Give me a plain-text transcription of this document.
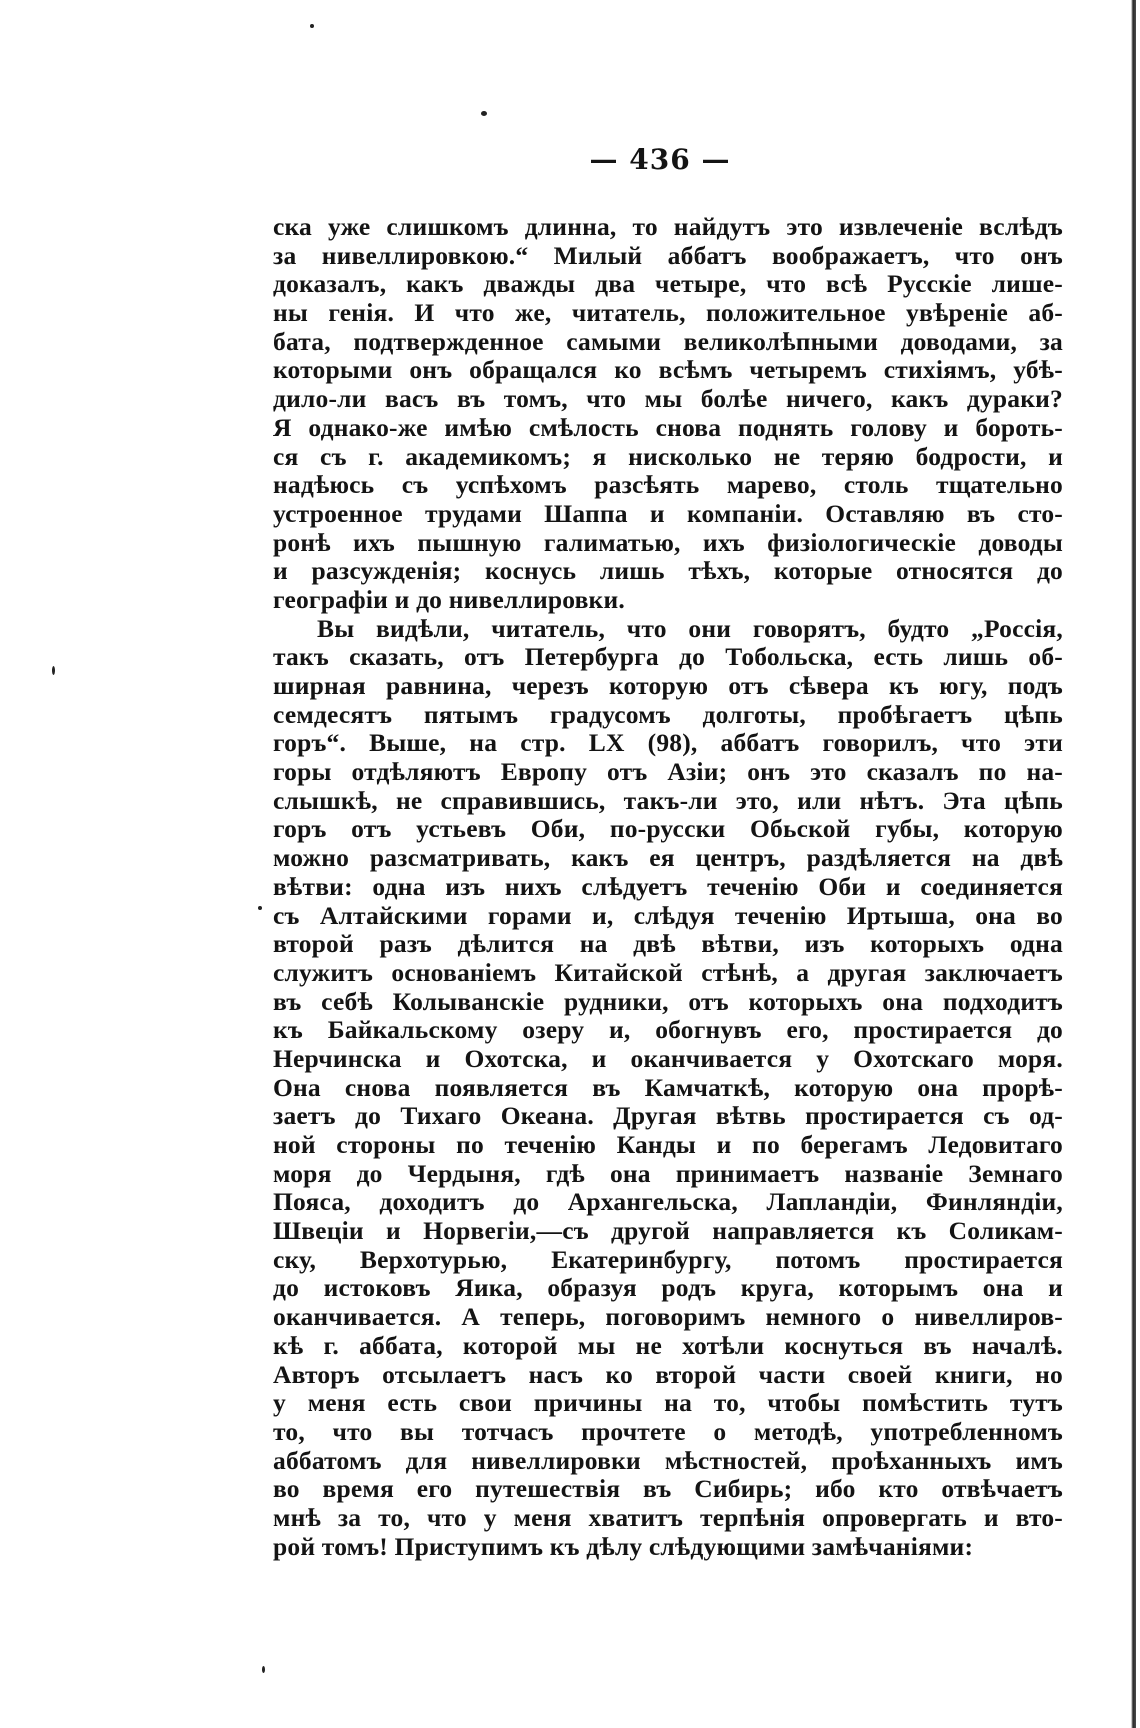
— 436 —
ска уже слишкомъ длинна, то найдутъ это извлеченіе вслѣдъ
за нивеллировкою.“ Милый аббатъ воображаетъ, что онъ
доказалъ, какъ дважды два четыре, что всѣ Русскіе лише-
ны генія. И что же, читатель, положительное увѣреніе аб-
бата, подтвержденное самыми великолѣпными доводами, за
которыми онъ обращался ко всѣмъ четыремъ стихіямъ, убѣ-
дило-ли васъ въ томъ, что мы болѣе ничего, какъ дураки?
Я однако-же имѣю смѣлость снова поднять голову и бороть-
ся съ г. академикомъ; я нисколько не теряю бодрости, и
надѣюсь съ успѣхомъ разсѣять марево, столь тщательно
устроенное трудами Шаппа и компаніи. Оставляю въ сто-
ронѣ ихъ пышную галиматью, ихъ физіологическіе доводы
и разсужденія; коснусь лишь тѣхъ, которые относятся до
географіи и до нивеллировки.
Вы видѣли, читатель, что они говорятъ, будто „Россія,
такъ сказать, отъ Петербурга до Тобольска, есть лишь об-
ширная равнина, черезъ которую отъ сѣвера къ югу, подъ
семдесятъ пятымъ градусомъ долготы, пробѣгаетъ цѣпь
горъ“. Выше, на стр. LX (98), аббатъ говорилъ, что эти
горы отдѣляютъ Европу отъ Азіи; онъ это сказалъ по на-
слышкѣ, не справившись, такъ-ли это, или нѣтъ. Эта цѣпь
горъ отъ устьевъ Оби, по-русски Обьской губы, которую
можно разсматривать, какъ ея центръ, раздѣляется на двѣ
вѣтви: одна изъ нихъ слѣдуетъ теченію Оби и соединяется
съ Алтайскими горами и, слѣдуя теченію Иртыша, она во
второй разъ дѣлится на двѣ вѣтви, изъ которыхъ одна
служитъ основаніемъ Китайской стѣнѣ, а другая заключаетъ
въ себѣ Колыванскіе рудники, отъ которыхъ она подходитъ
къ Байкальскому озеру и, обогнувъ его, простирается до
Нерчинска и Охотска, и оканчивается у Охотскаго моря.
Она снова появляется въ Камчаткѣ, которую она прорѣ-
заетъ до Тихаго Океана. Другая вѣтвь простирается съ од-
ной стороны по теченію Канды и по берегамъ Ледовитаго
моря до Чердыня, гдѣ она принимаетъ названіе Земнаго
Пояса, доходитъ до Архангельска, Лапландіи, Финляндіи,
Швеціи и Норвегіи,—съ другой направляется къ Соликам-
ску, Верхотурью, Екатеринбургу, потомъ простирается
до истоковъ Яика, образуя родъ круга, которымъ она и
оканчивается. А теперь, поговоримъ немного о нивеллиров-
кѣ г. аббата, которой мы не хотѣли коснуться въ началѣ.
Авторъ отсылаетъ насъ ко второй части своей книги, но
у меня есть свои причины на то, чтобы помѣстить тутъ
то, что вы тотчасъ прочтете о методѣ, употребленномъ
аббатомъ для нивеллировки мѣстностей, проѣханныхъ имъ
во время его путешествія въ Сибирь; ибо кто отвѣчаетъ
мнѣ за то, что у меня хватитъ терпѣнія опровергать и вто-
рой томъ! Приступимъ къ дѣлу слѣдующими замѣчаніями:
